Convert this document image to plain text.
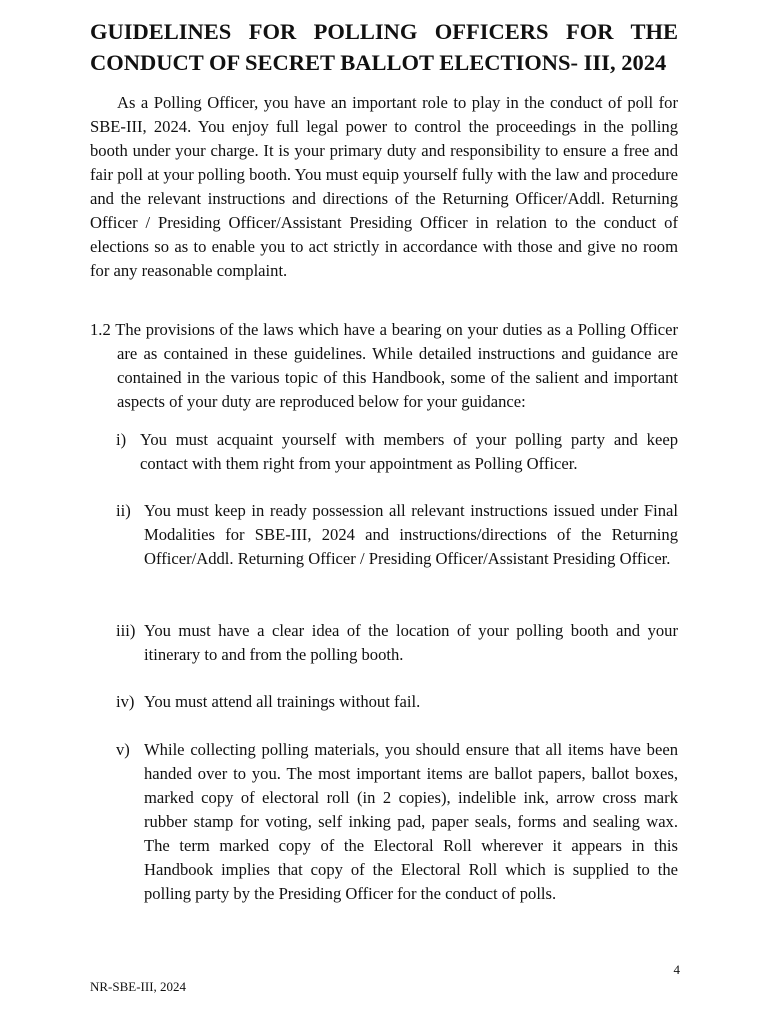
GUIDELINES FOR POLLING OFFICERS FOR THE CONDUCT OF SECRET BALLOT ELECTIONS- III, 2024

As a Polling Officer, you have an important role to play in the conduct of poll for SBE-III, 2024. You enjoy full legal power to control the proceedings in the polling booth under your charge. It is your primary duty and responsibility to ensure a free and fair poll at your polling booth. You must equip yourself fully with the law and procedure and the relevant instructions and directions of the Returning Officer/Addl. Returning Officer / Presiding Officer/Assistant Presiding Officer in relation to the conduct of elections so as to enable you to act strictly in accordance with those and give no room for any reasonable complaint.

1.2 The provisions of the laws which have a bearing on your duties as a Polling Officer are as contained in these guidelines. While detailed instructions and guidance are contained in the various topic of this Handbook, some of the salient and important aspects of your duty are reproduced below for your guidance:

i) You must acquaint yourself with members of your polling party and keep contact with them right from your appointment as Polling Officer.

ii) You must keep in ready possession all relevant instructions issued under Final Modalities for SBE-III, 2024 and instructions/directions of the Returning Officer/Addl. Returning Officer / Presiding Officer/Assistant Presiding Officer.

iii) You must have a clear idea of the location of your polling booth and your itinerary to and from the polling booth.

iv) You must attend all trainings without fail.

v) While collecting polling materials, you should ensure that all items have been handed over to you. The most important items are ballot papers, ballot boxes, marked copy of electoral roll (in 2 copies), indelible ink, arrow cross mark rubber stamp for voting, self inking pad, paper seals, forms and sealing wax. The term marked copy of the Electoral Roll wherever it appears in this Handbook implies that copy of the Electoral Roll which is supplied to the polling party by the Presiding Officer for the conduct of polls.

4
NR-SBE-III, 2024
